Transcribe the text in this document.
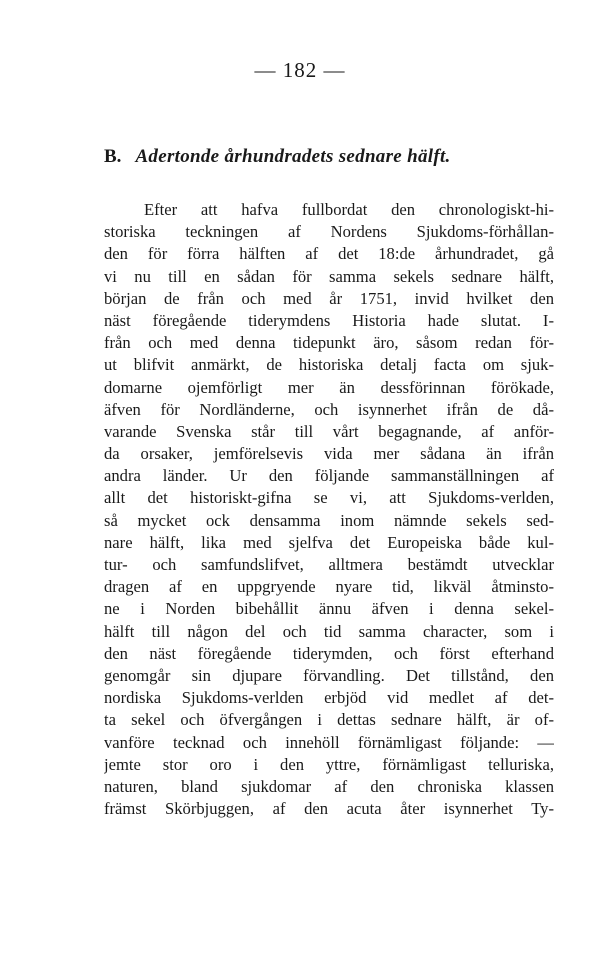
— 182 —
B. Adertonde århundradets sednare hälft.
Efter att hafva fullbordat den chronologiskt-hi-
storiska teckningen af Nordens Sjukdoms-förhållan-
den för förra hälften af det 18:de århundradet, gå
vi nu till en sådan för samma sekels sednare hälft,
början de från och med år 1751, invid hvilket den
näst föregående tiderymdens Historia hade slutat. I-
från och med denna tidepunkt äro, såsom redan för-
ut blifvit anmärkt, de historiska detalj facta om sjuk-
domarne ojemförligt mer än dessförinnan förökade,
äfven för Nordländerne, och isynnerhet ifrån de då-
varande Svenska står till vårt begagnande, af anför-
da orsaker, jemförelsevis vida mer sådana än ifrån
andra länder. Ur den följande sammanställningen af
allt det historiskt-gifna se vi, att Sjukdoms-verlden,
så mycket ock densamma inom nämnde sekels sed-
nare hälft, lika med sjelfva det Europeiska både kul-
tur- och samfundslifvet, alltmera bestämdt utvecklar
dragen af en uppgryende nyare tid, likväl åtminsto-
ne i Norden bibehållit ännu äfven i denna sekel-
hälft till någon del och tid samma character, som i
den näst föregående tiderymden, och först efterhand
genomgår sin djupare förvandling. Det tillstånd, den
nordiska Sjukdoms-verlden erbjöd vid medlet af det-
ta sekel och öfvergången i dettas sednare hälft, är of-
vanföre tecknad och innehöll förnämligast följande: —
jemte stor oro i den yttre, förnämligast telluriska,
naturen, bland sjukdomar af den chroniska klassen
främst Skörbjuggen, af den acuta åter isynnerhet Ty-
